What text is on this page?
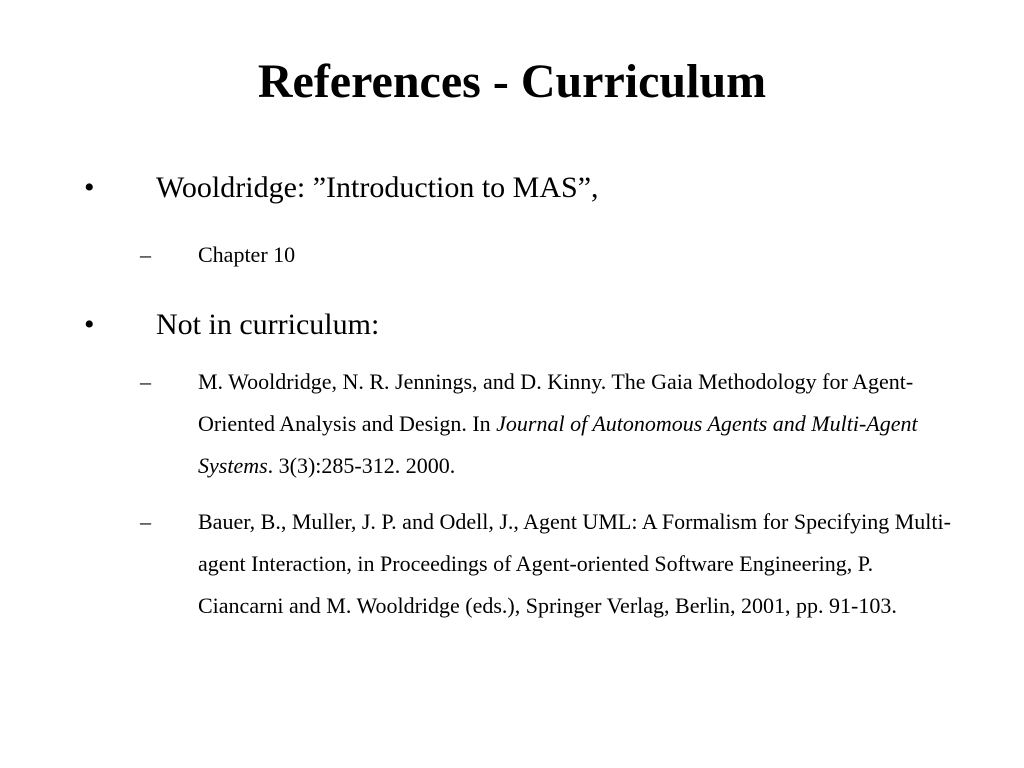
References - Curriculum
• Wooldridge: ”Introduction to MAS”,
– Chapter 10
• Not in curriculum:
– M. Wooldridge, N. R. Jennings, and D. Kinny. The Gaia Methodology for Agent-Oriented Analysis and Design. In Journal of Autonomous Agents and Multi-Agent Systems. 3(3):285-312. 2000.
– Bauer, B., Muller, J. P. and Odell, J., Agent UML: A Formalism for Specifying Multi-agent Interaction, in Proceedings of Agent-oriented Software Engineering, P. Ciancarni and M. Wooldridge (eds.), Springer Verlag, Berlin, 2001, pp. 91-103.
